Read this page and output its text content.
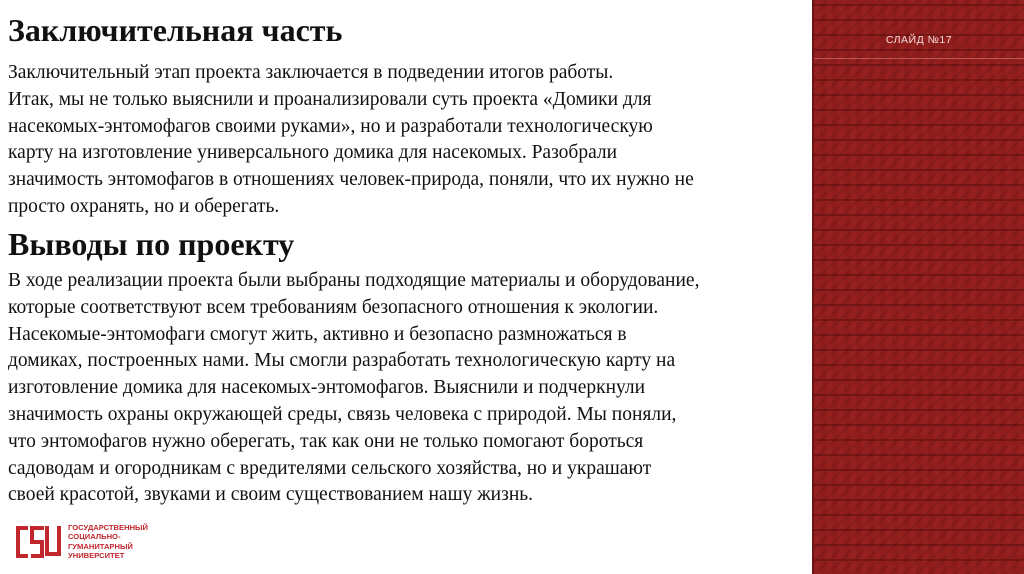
Заключительная часть

Заключительный этап проекта заключается в подведении итогов работы.
Итак, мы не только выяснили и проанализировали суть проекта «Домики для
насекомых-энтомофагов своими руками», но и разработали технологическую
карту на изготовление универсального домика для насекомых. Разобрали
значимость энтомофагов в отношениях человек-природа, поняли, что их нужно не
просто охранять, но и оберегать.

Выводы по проекту

В ходе реализации проекта были выбраны подходящие материалы и оборудование,
которые соответствуют всем требованиям безопасного отношения к экологии.
Насекомые-энтомофаги смогут жить, активно и безопасно размножаться в
домиках, построенных нами. Мы смогли разработать технологическую карту на
изготовление домика для насекомых-энтомофагов. Выяснили и подчеркнули
значимость охраны окружающей среды, связь человека с природой. Мы поняли,
что энтомофагов нужно оберегать, так как они не только помогают бороться
садоводам и огородникам с вредителями сельского хозяйства, но и украшают
своей красотой, звуками и своим существованием нашу жизнь.

ГОСУДАРСТВЕННЫЙ
СОЦИАЛЬНО-
ГУМАНИТАРНЫЙ
УНИВЕРСИТЕТ
СЛАЙД №17
